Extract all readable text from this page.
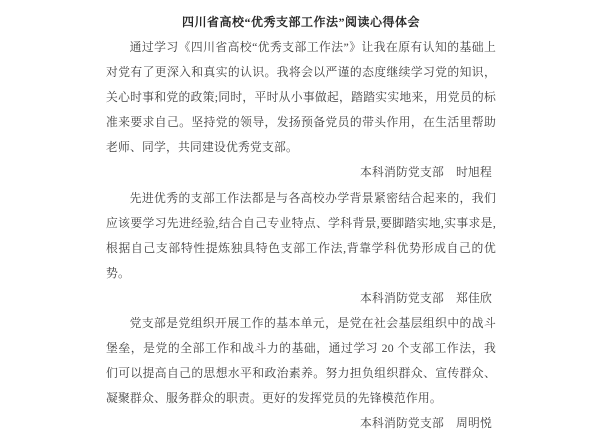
四川省高校“优秀支部工作法”阅读心得体会

通过学习《四川省高校“优秀支部工作法”》让我在原有认知的基础上对党有了更深入和真实的认识。我将会以严谨的态度继续学习党的知识，关心时事和党的政策;同时，平时从小事做起，踏踏实实地来，用党员的标准来要求自己。坚持党的领导，发扬预备党员的带头作用，在生活里帮助老师、同学，共同建设优秀党支部。

本科消防党支部　时旭程

先进优秀的支部工作法都是与各高校办学背景紧密结合起来的，我们应该要学习先进经验,结合自己专业特点、学科背景,要脚踏实地,实事求是,根据自己支部特性提炼独具特色支部工作法,背靠学科优势形成自己的优势。

本科消防党支部　郑佳欣

党支部是党组织开展工作的基本单元，是党在社会基层组织中的战斗堡垒，是党的全部工作和战斗力的基础，通过学习 20 个支部工作法，我们可以提高自己的思想水平和政治素养。努力担负组织群众、宣传群众、凝聚群众、服务群众的职责。更好的发挥党员的先锋模范作用。

本科消防党支部　周明悦
